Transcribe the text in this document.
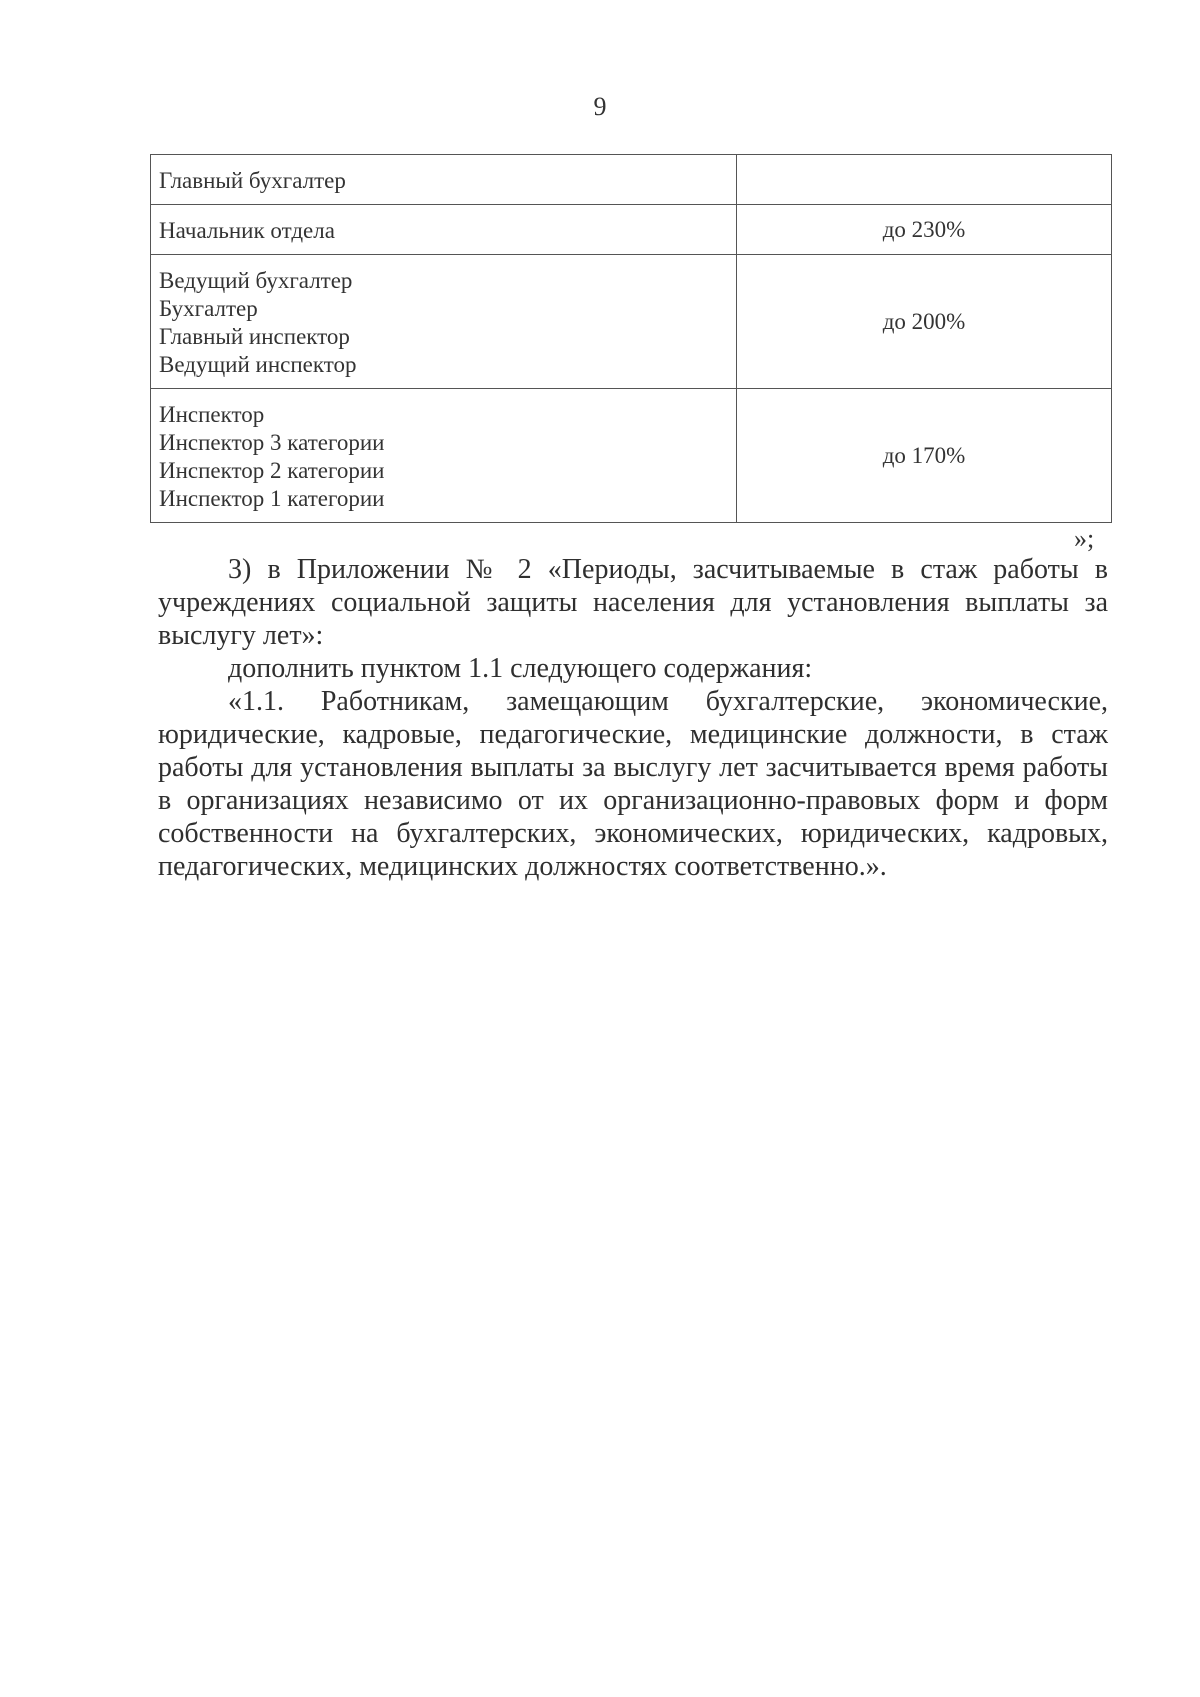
9
Главный бухгалтер	

Начальник отдела	до 230%

Ведущий бухгалтер
Бухгалтер
Главный инспектор
Ведущий инспектор	до 200%

Инспектор
Инспектор 3 категории
Инспектор 2 категории
Инспектор 1 категории	до 170%
»;

3) в Приложении № 2 «Периоды, засчитываемые в стаж работы в учреждениях социальной защиты населения для установления выплаты за выслугу лет»:

дополнить пунктом 1.1 следующего содержания:

«1.1. Работникам, замещающим бухгалтерские, экономические, юридические, кадровые, педагогические, медицинские должности, в стаж работы для установления выплаты за выслугу лет засчитывается время работы в организациях независимо от их организационно-правовых форм и форм собственности на бухгалтерских, экономических, юридических, кадровых, педагогических, медицинских должностях соответственно.».
